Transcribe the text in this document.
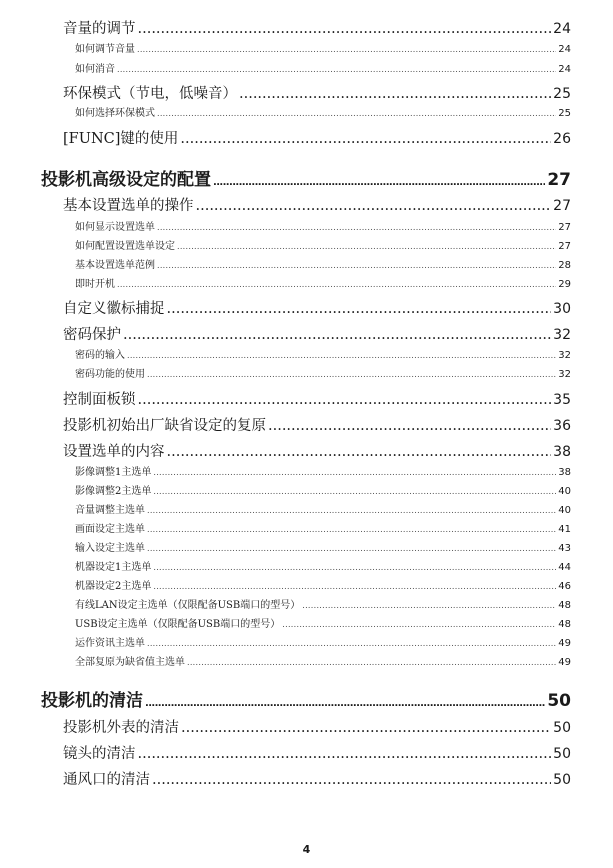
音量的调节 .....	24
如何调节音量 .....	24
如何消音 .....	24
环保模式（节电，低噪音） .....	25
如何选择环保模式 .....	25
[FUNC]键的使用 .....	26
投影机高级设定的配置 .....	27
基本设置选单的操作 .....	27
如何显示设置选单 .....	27
如何配置设置选单设定 .....	27
基本设置选单范例 .....	28
即时开机 .....	29
自定义徽标捕捉 .....	30
密码保护 .....	32
密码的输入 .....	32
密码功能的使用 .....	32
控制面板锁 .....	35
投影机初始出厂缺省设定的复原 .....	36
设置选单的内容 .....	38
影像调整1主选单 .....	38
影像调整2主选单 .....	40
音量调整主选单 .....	40
画面设定主选单 .....	41
输入设定主选单 .....	43
机器设定1主选单 .....	44
机器设定2主选单 .....	46
有线LAN设定主选单（仅限配备USB端口的型号） .....	48
USB设定主选单（仅限配备USB端口的型号） .....	48
运作资讯主选单 .....	49
全部复原为缺省值主选单 .....	49
投影机的清洁 .....	50
投影机外表的清洁 .....	50
镜头的清洁 .....	50
通风口的清洁 .....	50
4
